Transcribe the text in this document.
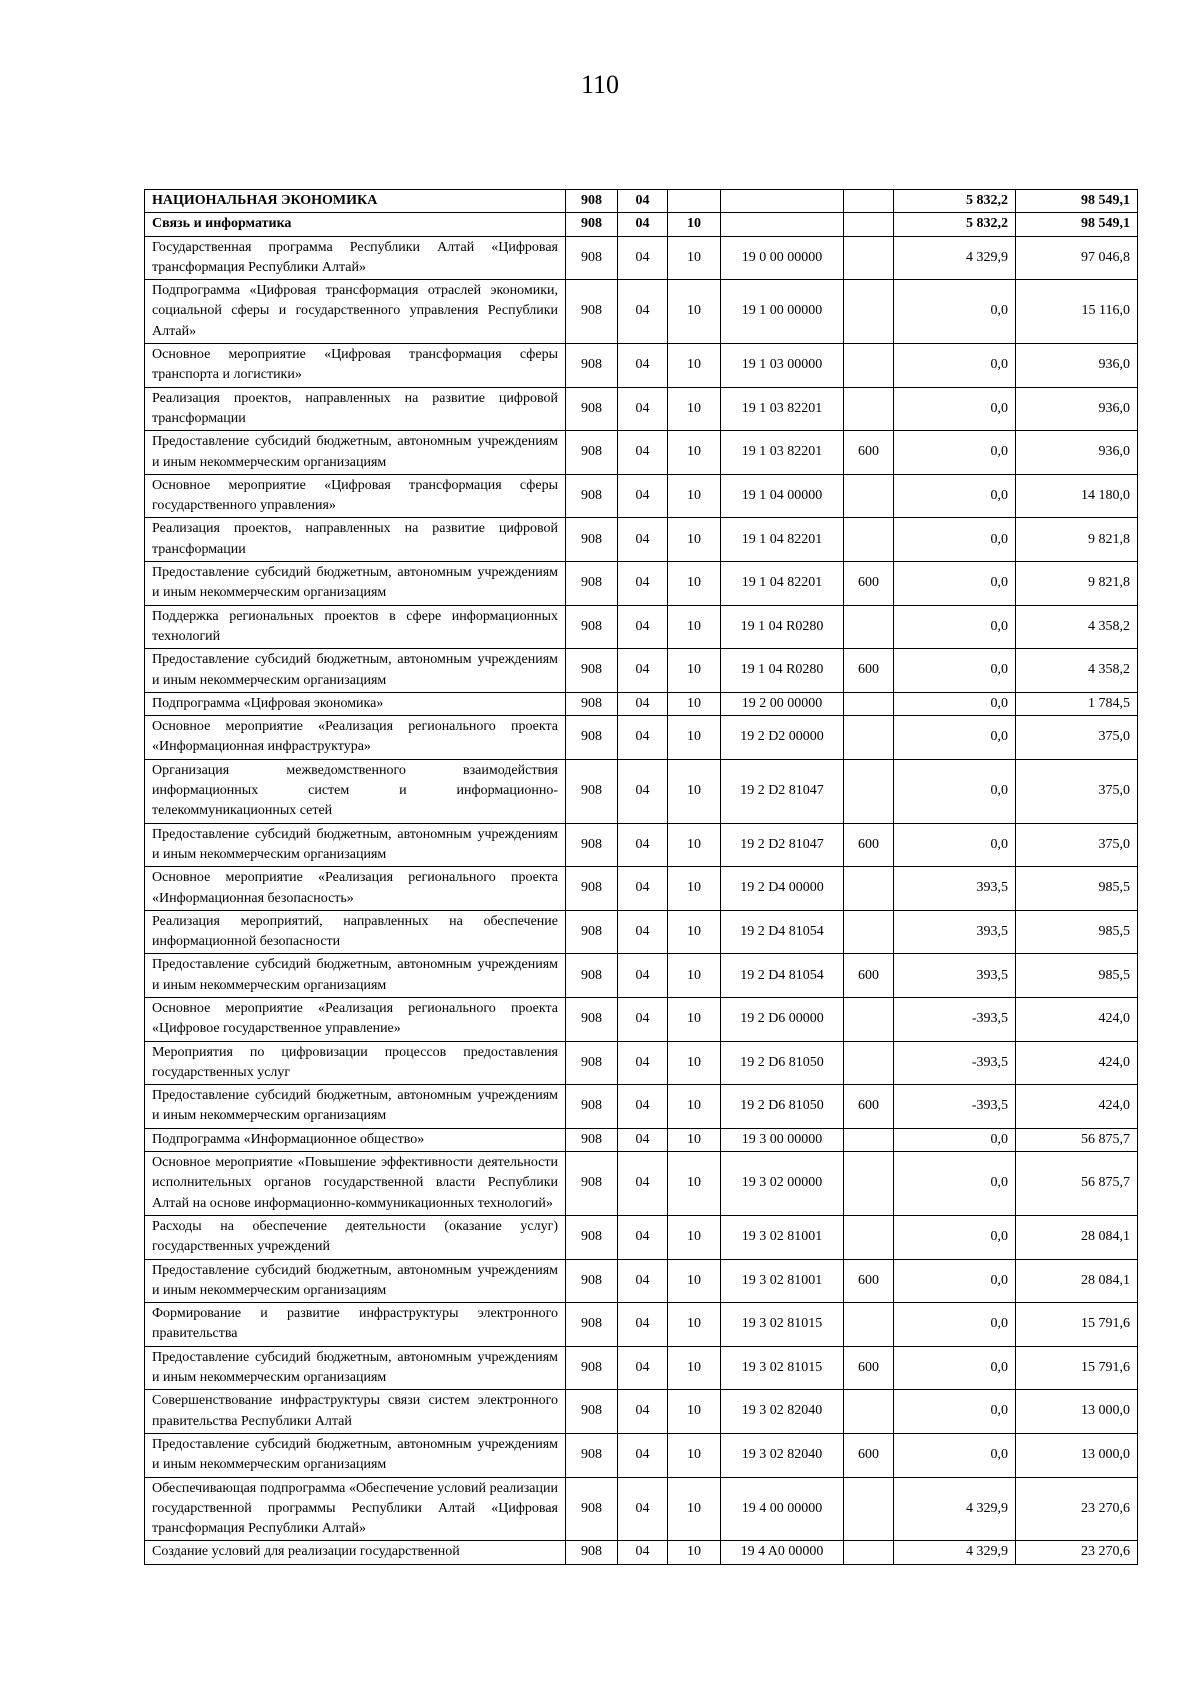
110
НАЦИОНАЛЬНАЯ ЭКОНОМИКА	908	04				5 832,2	98 549,1
Связь и информатика	908	04	10			5 832,2	98 549,1
Государственная программа Республики Алтай «Цифровая трансформация Республики Алтай»	908	04	10	19 0 00 00000		4 329,9	97 046,8
Подпрограмма «Цифровая трансформация отраслей экономики, социальной сферы и государственного управления Республики Алтай»	908	04	10	19 1 00 00000		0,0	15 116,0
Основное мероприятие «Цифровая трансформация сферы транспорта и логистики»	908	04	10	19 1 03 00000		0,0	936,0
Реализация проектов, направленных на развитие цифровой трансформации	908	04	10	19 1 03 82201		0,0	936,0
Предоставление субсидий бюджетным, автономным учреждениям и иным некоммерческим организациям	908	04	10	19 1 03 82201	600	0,0	936,0
Основное мероприятие «Цифровая трансформация сферы государственного управления»	908	04	10	19 1 04 00000		0,0	14 180,0
Реализация проектов, направленных на развитие цифровой трансформации	908	04	10	19 1 04 82201		0,0	9 821,8
Предоставление субсидий бюджетным, автономным учреждениям и иным некоммерческим организациям	908	04	10	19 1 04 82201	600	0,0	9 821,8
Поддержка региональных проектов в сфере информационных технологий	908	04	10	19 1 04 R0280		0,0	4 358,2
Предоставление субсидий бюджетным, автономным учреждениям и иным некоммерческим организациям	908	04	10	19 1 04 R0280	600	0,0	4 358,2
Подпрограмма «Цифровая экономика»	908	04	10	19 2 00 00000		0,0	1 784,5
Основное мероприятие «Реализация регионального проекта «Информационная инфраструктура»	908	04	10	19 2 D2 00000		0,0	375,0
Организация межведомственного взаимодействия информационных систем и информационно-телекоммуникационных сетей	908	04	10	19 2 D2 81047		0,0	375,0
Предоставление субсидий бюджетным, автономным учреждениям и иным некоммерческим организациям	908	04	10	19 2 D2 81047	600	0,0	375,0
Основное мероприятие «Реализация регионального проекта «Информационная безопасность»	908	04	10	19 2 D4 00000		393,5	985,5
Реализация мероприятий, направленных на обеспечение информационной безопасности	908	04	10	19 2 D4 81054		393,5	985,5
Предоставление субсидий бюджетным, автономным учреждениям и иным некоммерческим организациям	908	04	10	19 2 D4 81054	600	393,5	985,5
Основное мероприятие «Реализация регионального проекта «Цифровое государственное управление»	908	04	10	19 2 D6 00000		-393,5	424,0
Мероприятия по цифровизации процессов предоставления государственных услуг	908	04	10	19 2 D6 81050		-393,5	424,0
Предоставление субсидий бюджетным, автономным учреждениям и иным некоммерческим организациям	908	04	10	19 2 D6 81050	600	-393,5	424,0
Подпрограмма «Информационное общество»	908	04	10	19 3 00 00000		0,0	56 875,7
Основное мероприятие «Повышение эффективности деятельности исполнительных органов государственной власти Республики Алтай на основе информационно-коммуникационных технологий»	908	04	10	19 3 02 00000		0,0	56 875,7
Расходы на обеспечение деятельности (оказание услуг) государственных учреждений	908	04	10	19 3 02 81001		0,0	28 084,1
Предоставление субсидий бюджетным, автономным учреждениям и иным некоммерческим организациям	908	04	10	19 3 02 81001	600	0,0	28 084,1
Формирование и развитие инфраструктуры электронного правительства	908	04	10	19 3 02 81015		0,0	15 791,6
Предоставление субсидий бюджетным, автономным учреждениям и иным некоммерческим организациям	908	04	10	19 3 02 81015	600	0,0	15 791,6
Совершенствование инфраструктуры связи систем электронного правительства Республики Алтай	908	04	10	19 3 02 82040		0,0	13 000,0
Предоставление субсидий бюджетным, автономным учреждениям и иным некоммерческим организациям	908	04	10	19 3 02 82040	600	0,0	13 000,0
Обеспечивающая подпрограмма «Обеспечение условий реализации государственной программы Республики Алтай «Цифровая трансформация Республики Алтай»	908	04	10	19 4 00 00000		4 329,9	23 270,6
Создание условий для реализации государственной	908	04	10	19 4 A0 00000		4 329,9	23 270,6
